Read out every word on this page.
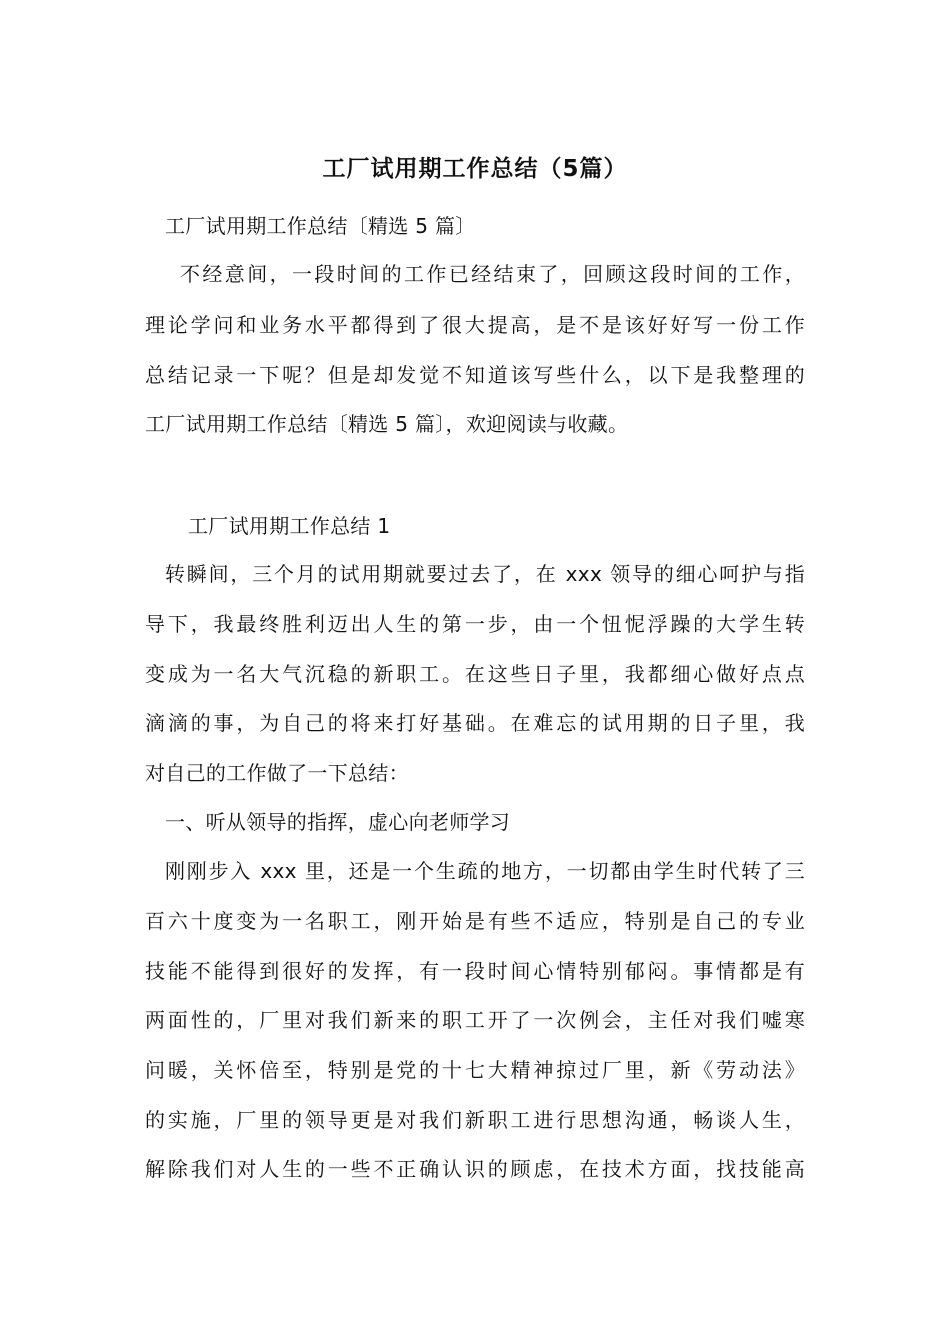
工厂试用期工作总结（5篇）
工厂试用期工作总结〔精选 5 篇〕
不经意间，一段时间的工作已经结束了，回顾这段时间的工作，
理论学问和业务水平都得到了很大提高，是不是该好好写一份工作
总结记录一下呢？但是却发觉不知道该写些什么，以下是我整理的
工厂试用期工作总结〔精选 5 篇〕，欢迎阅读与收藏。
工厂试用期工作总结 1
转瞬间，三个月的试用期就要过去了，在 xxx 领导的细心呵护与指
导下，我最终胜利迈出人生的第一步，由一个忸怩浮躁的大学生转
变成为一名大气沉稳的新职工。在这些日子里，我都细心做好点点
滴滴的事，为自己的将来打好基础。在难忘的试用期的日子里，我
对自己的工作做了一下总结：
一、听从领导的指挥，虚心向老师学习
刚刚步入 xxx 里，还是一个生疏的地方，一切都由学生时代转了三
百六十度变为一名职工，刚开始是有些不适应，特别是自己的专业
技能不能得到很好的发挥，有一段时间心情特别郁闷。事情都是有
两面性的，厂里对我们新来的职工开了一次例会，主任对我们嘘寒
问暖，关怀倍至，特别是党的十七大精神掠过厂里，新《劳动法》
的实施，厂里的领导更是对我们新职工进行思想沟通，畅谈人生，
解除我们对人生的一些不正确认识的顾虑，在技术方面，找技能高
